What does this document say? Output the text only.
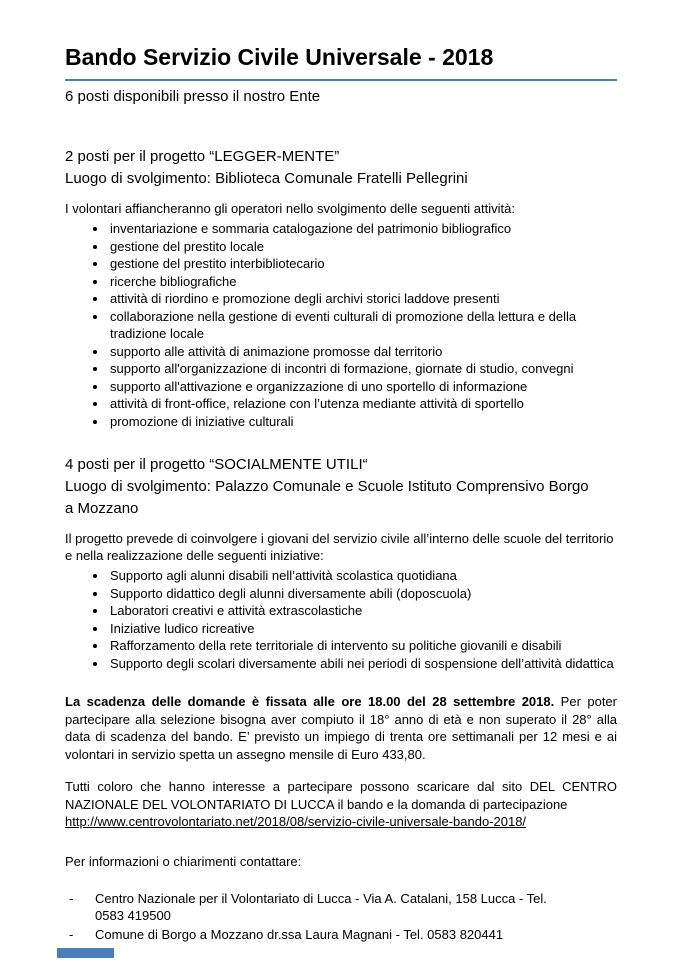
Bando Servizio Civile Universale - 2018
6 posti disponibili presso il nostro Ente

2 posti per il progetto “LEGGER-MENTE”

Luogo di svolgimento: Biblioteca Comunale Fratelli Pellegrini

I volontari affiancheranno gli operatori nello svolgimento delle seguenti attività:

• inventariazione e sommaria catalogazione del patrimonio bibliografico
• gestione del prestito locale
• gestione del prestito interbibliotecario
• ricerche bibliografiche
• attività di riordino e promozione degli archivi storici laddove presenti
• collaborazione nella gestione di eventi culturali di promozione della lettura e della tradizione locale
• supporto alle attività di animazione promosse dal territorio
• supporto all'organizzazione di incontri di formazione, giornate di studio, convegni
• supporto all'attivazione e organizzazione di uno sportello di informazione
• attività di front-office, relazione con l’utenza mediante attività di sportello
• promozione di iniziative culturali

4 posti per il progetto “SOCIALMENTE UTILI“

Luogo di svolgimento: Palazzo Comunale e Scuole Istituto Comprensivo Borgo a Mozzano

Il progetto prevede di coinvolgere i giovani del servizio civile all’interno delle scuole del territorio e nella realizzazione delle seguenti iniziative:

• Supporto agli alunni disabili nell’attività scolastica quotidiana
• Supporto didattico degli alunni diversamente abili (doposcuola)
• Laboratori creativi e attività extrascolastiche
• Iniziative ludico ricreative
• Rafforzamento della rete territoriale di intervento su politiche giovanili e disabili
• Supporto degli scolari diversamente abili nei periodi di sospensione dell’attività didattica

La scadenza delle domande è fissata alle ore 18.00 del 28 settembre 2018. Per poter partecipare alla selezione bisogna aver compiuto il 18° anno di età e non superato il 28° alla data di scadenza del bando. E’ previsto un impiego di trenta ore settimanali per 12 mesi e ai volontari in servizio spetta un assegno mensile di Euro 433,80.

Tutti coloro che hanno interesse a partecipare possono scaricare dal sito DEL CENTRO NAZIONALE DEL VOLONTARIATO DI LUCCA il bando e la domanda di partecipazione
http://www.centrovolontariato.net/2018/08/servizio-civile-universale-bando-2018/

Per informazioni o chiarimenti contattare:

- Centro Nazionale per il Volontariato di Lucca - Via A. Catalani, 158 Lucca - Tel. 0583 419500
- Comune di Borgo a Mozzano dr.ssa Laura Magnani - Tel. 0583 820441
